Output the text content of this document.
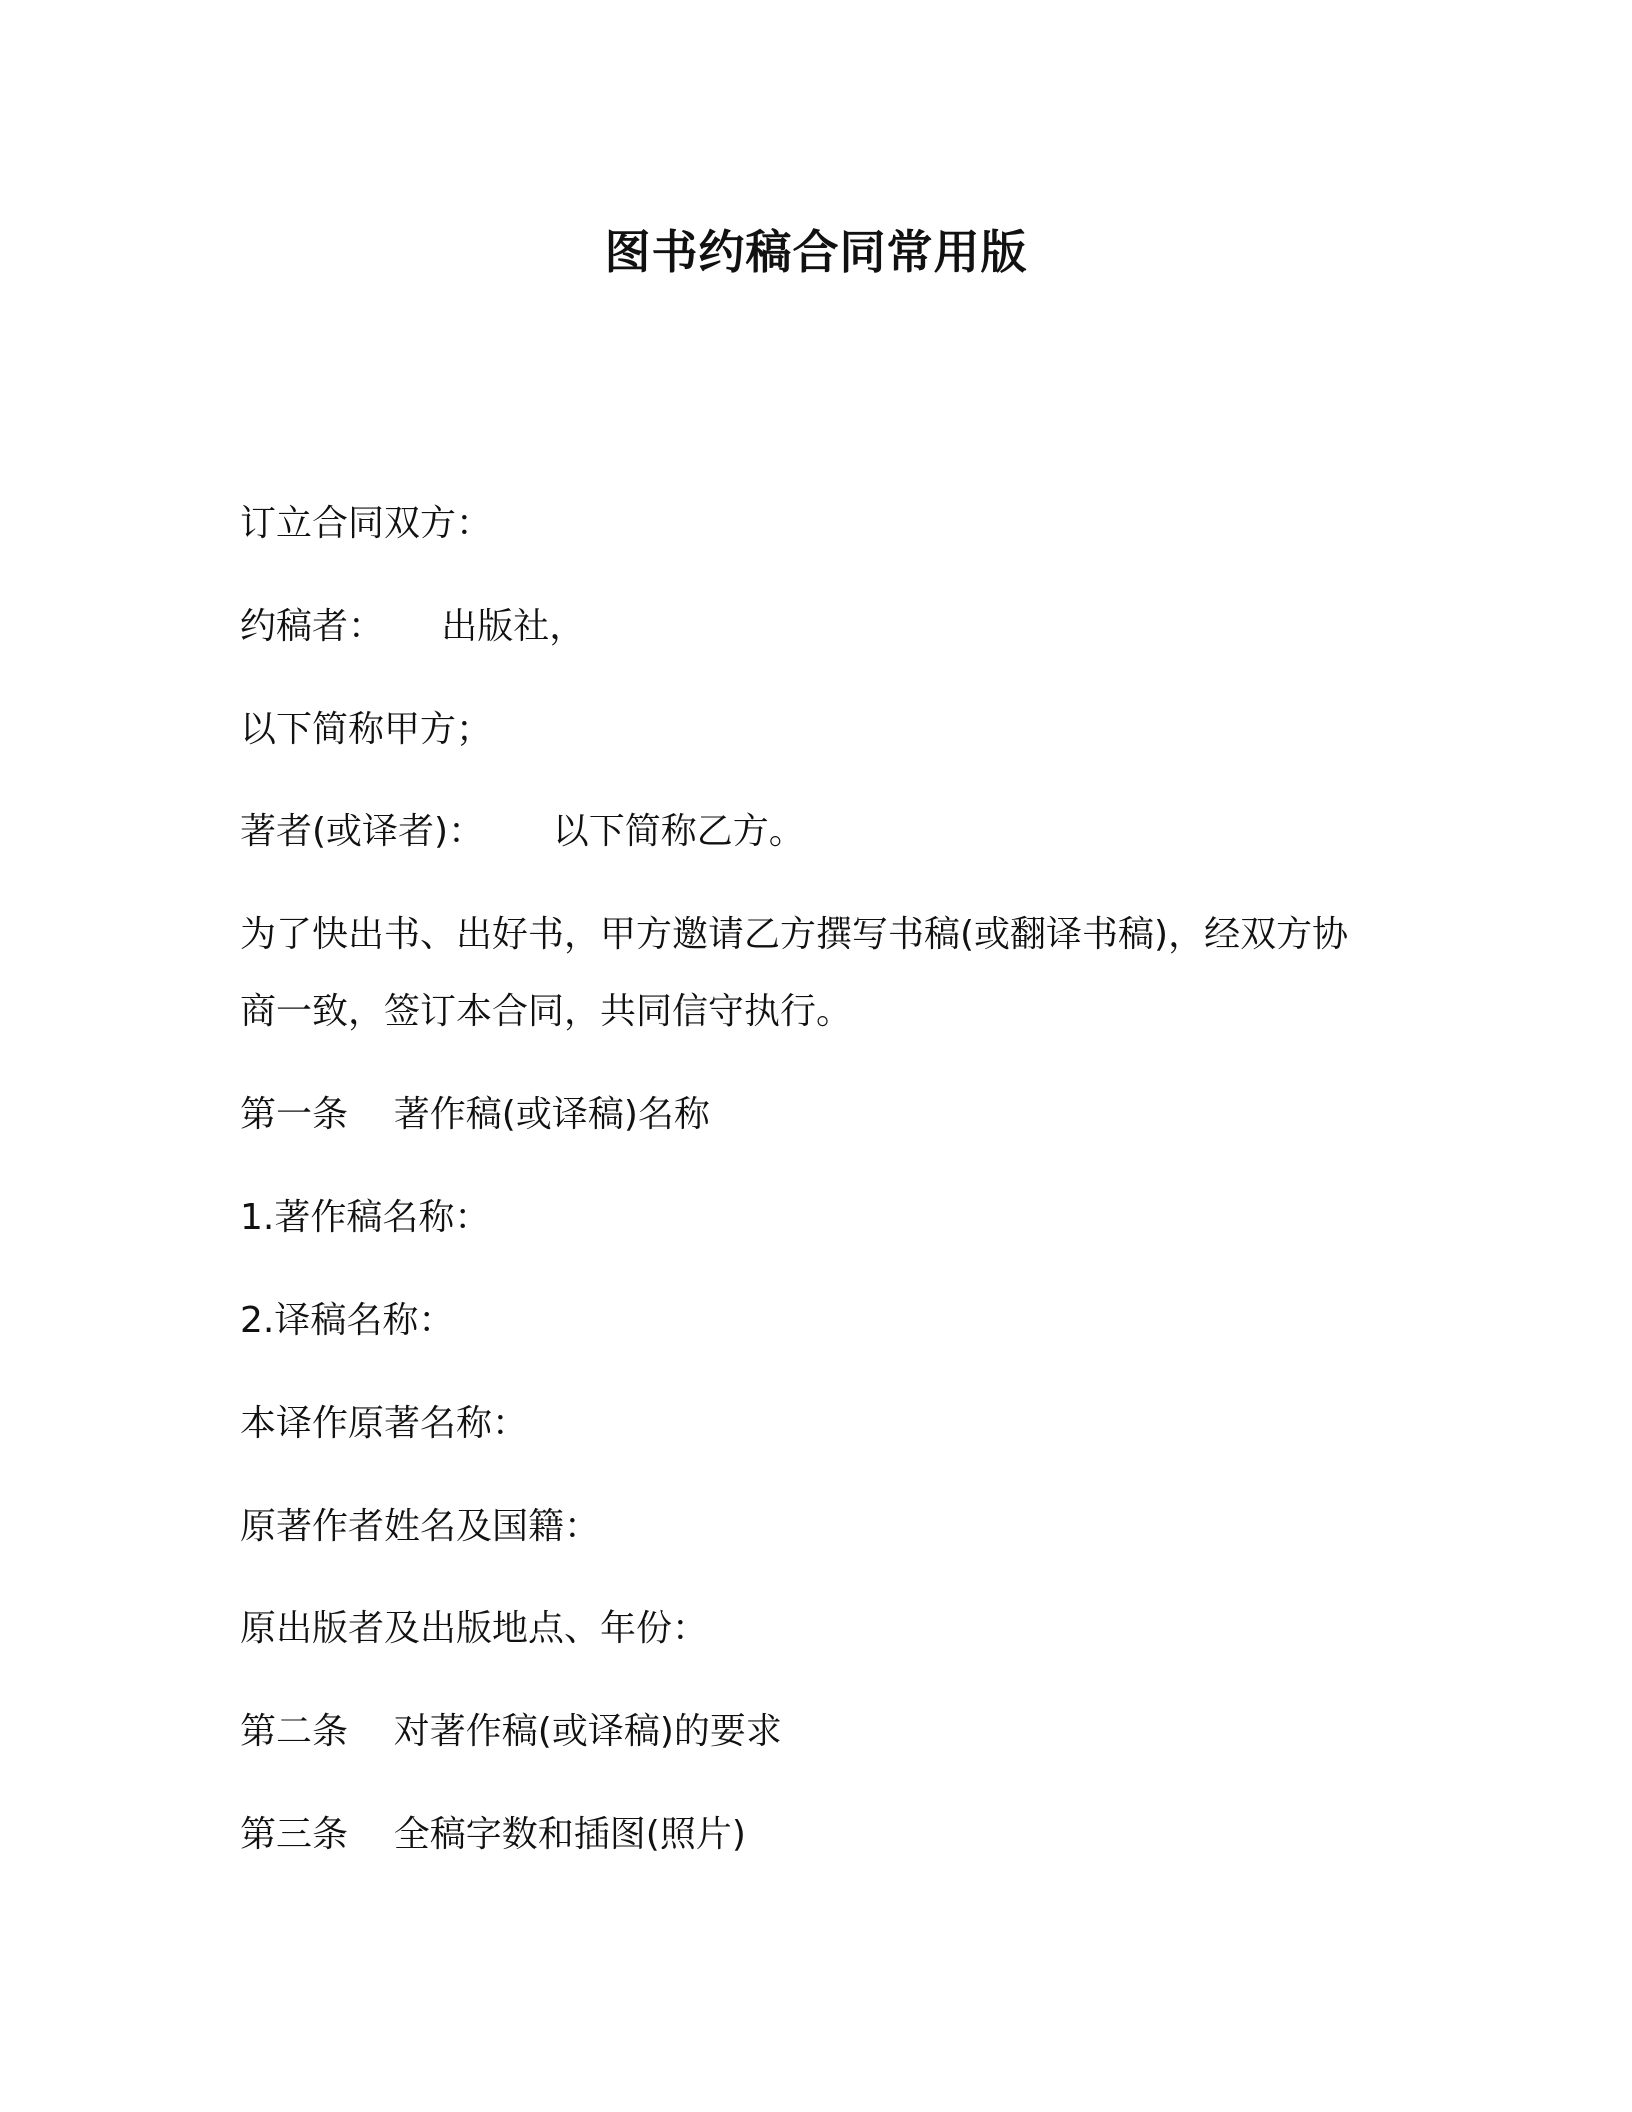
图书约稿合同常用版
订立合同双方：
约稿者：     出版社，
以下简称甲方；
著者(或译者)：      以下简称乙方。
为了快出书、出好书，甲方邀请乙方撰写书稿(或翻译书稿)，经双方协
商一致，签订本合同，共同信守执行。
第一条    著作稿(或译稿)名称
1.著作稿名称：
2.译稿名称：
本译作原著名称：
原著作者姓名及国籍：
原出版者及出版地点、年份：
第二条    对著作稿(或译稿)的要求
第三条    全稿字数和插图(照片)
